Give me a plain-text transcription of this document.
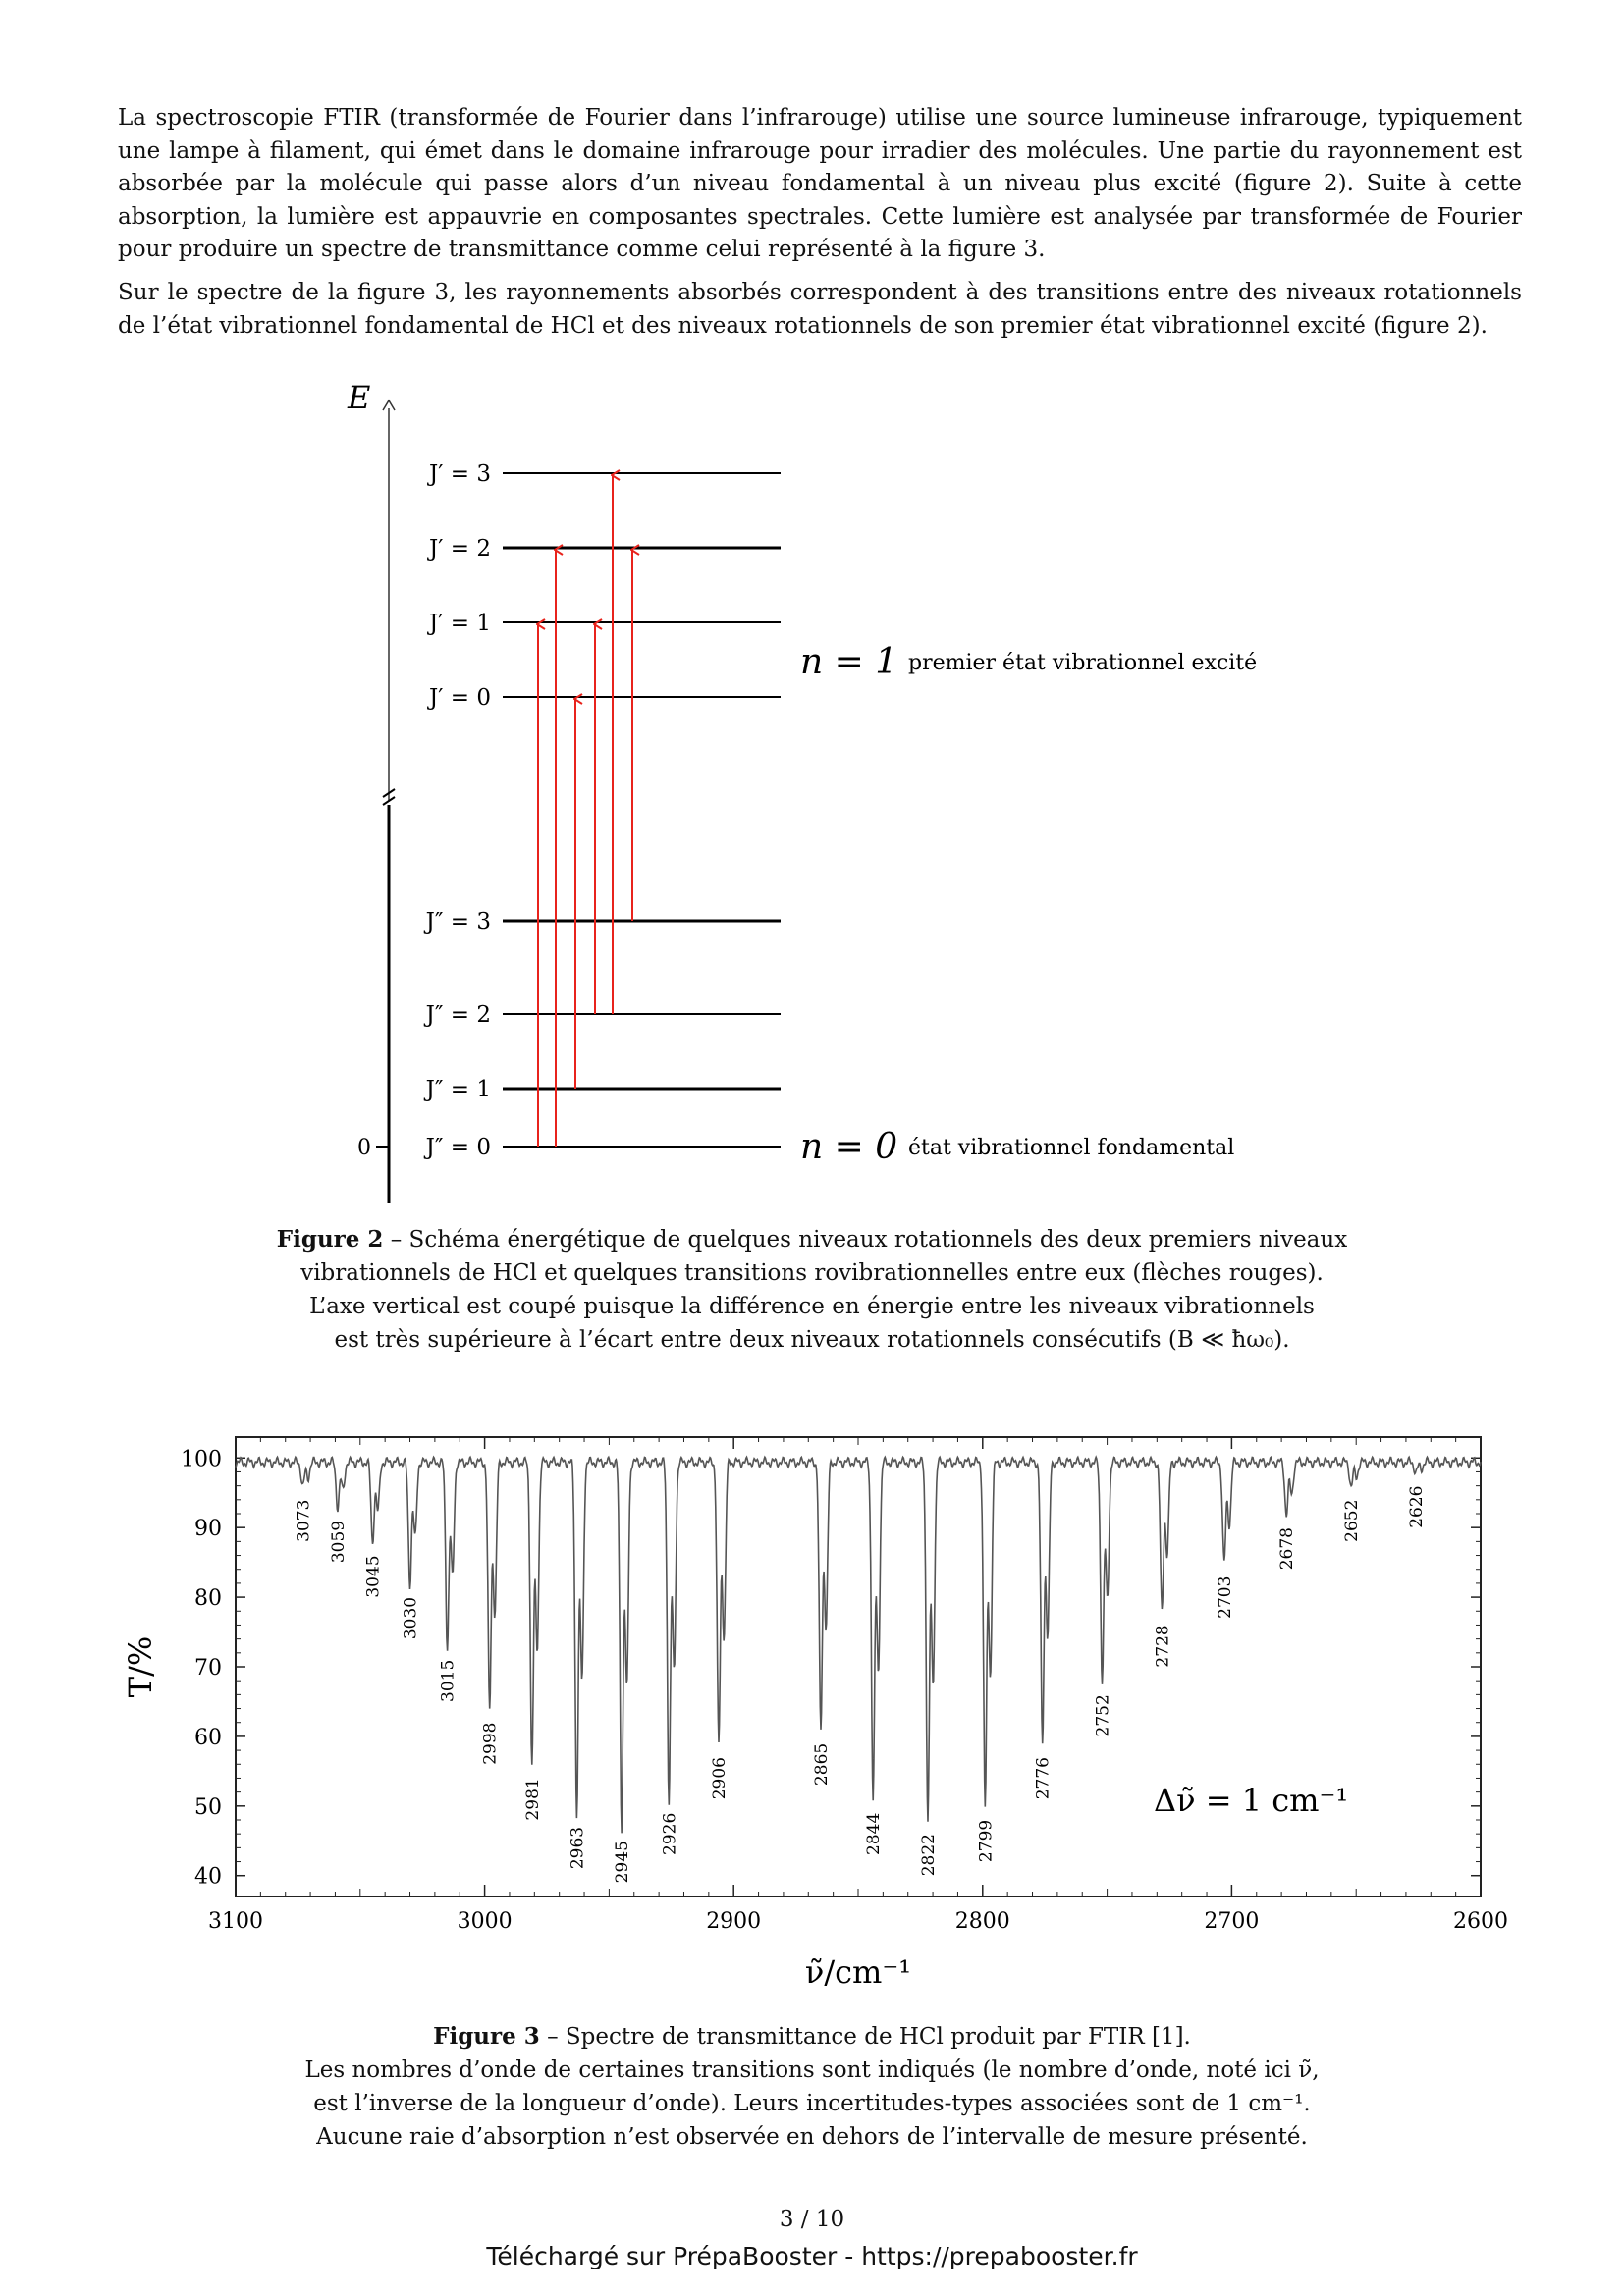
La spectroscopie FTIR (transformée de Fourier dans l’infrarouge) utilise une source lumineuse infrarouge, typiquement une lampe à filament, qui émet dans le domaine infrarouge pour irradier des molécules. Une partie du rayonnement est absorbée par la molécule qui passe alors d’un niveau fondamental à un niveau plus excité (figure 2). Suite à cette absorption, la lumière est appauvrie en composantes spectrales. Cette lumière est analysée par transformée de Fourier pour produire un spectre de transmittance comme celui représenté à la figure 3.

Sur le spectre de la figure 3, les rayonnements absorbés correspondent à des transitions entre des niveaux rotationnels de l’état vibrationnel fondamental de HCl et des niveaux rotationnels de son premier état vibrationnel excité (figure 2).

0
E
J′ = 3
J′ = 2
J′ = 1
J′ = 0
J″ = 3
J″ = 2
J″ = 1
J″ = 0
n = 1 premier état vibrationnel excité
n = 0 état vibrationnel fondamental
Figure 2 – Schéma énergétique de quelques niveaux rotationnels des deux premiers niveaux
vibrationnels de HCl et quelques transitions rovibrationnelles entre eux (flèches rouges).
L’axe vertical est coupé puisque la différence en énergie entre les niveaux vibrationnels
est très supérieure à l’écart entre deux niveaux rotationnels consécutifs (B ≪ ħω₀).
100
90
80
70
60
50
40
3100	3000	2900	2800	2700	2600
3073 3059
3045
3030
3015
2998
2981
2963 2945
2926
2906	2865
2844 2822 2799
2776
2752
2728
2703
2678
2652	2626
Δν̃ = 1 cm⁻¹
ν̃/cm⁻¹
T/%
Figure 3 – Spectre de transmittance de HCl produit par FTIR [1].
Les nombres d’onde de certaines transitions sont indiqués (le nombre d’onde, noté ici ν̃,
est l’inverse de la longueur d’onde). Leurs incertitudes-types associées sont de 1 cm⁻¹.
Aucune raie d’absorption n’est observée en dehors de l’intervalle de mesure présenté.
3 / 10
Téléchargé sur PrépaBooster - https://prepabooster.fr
